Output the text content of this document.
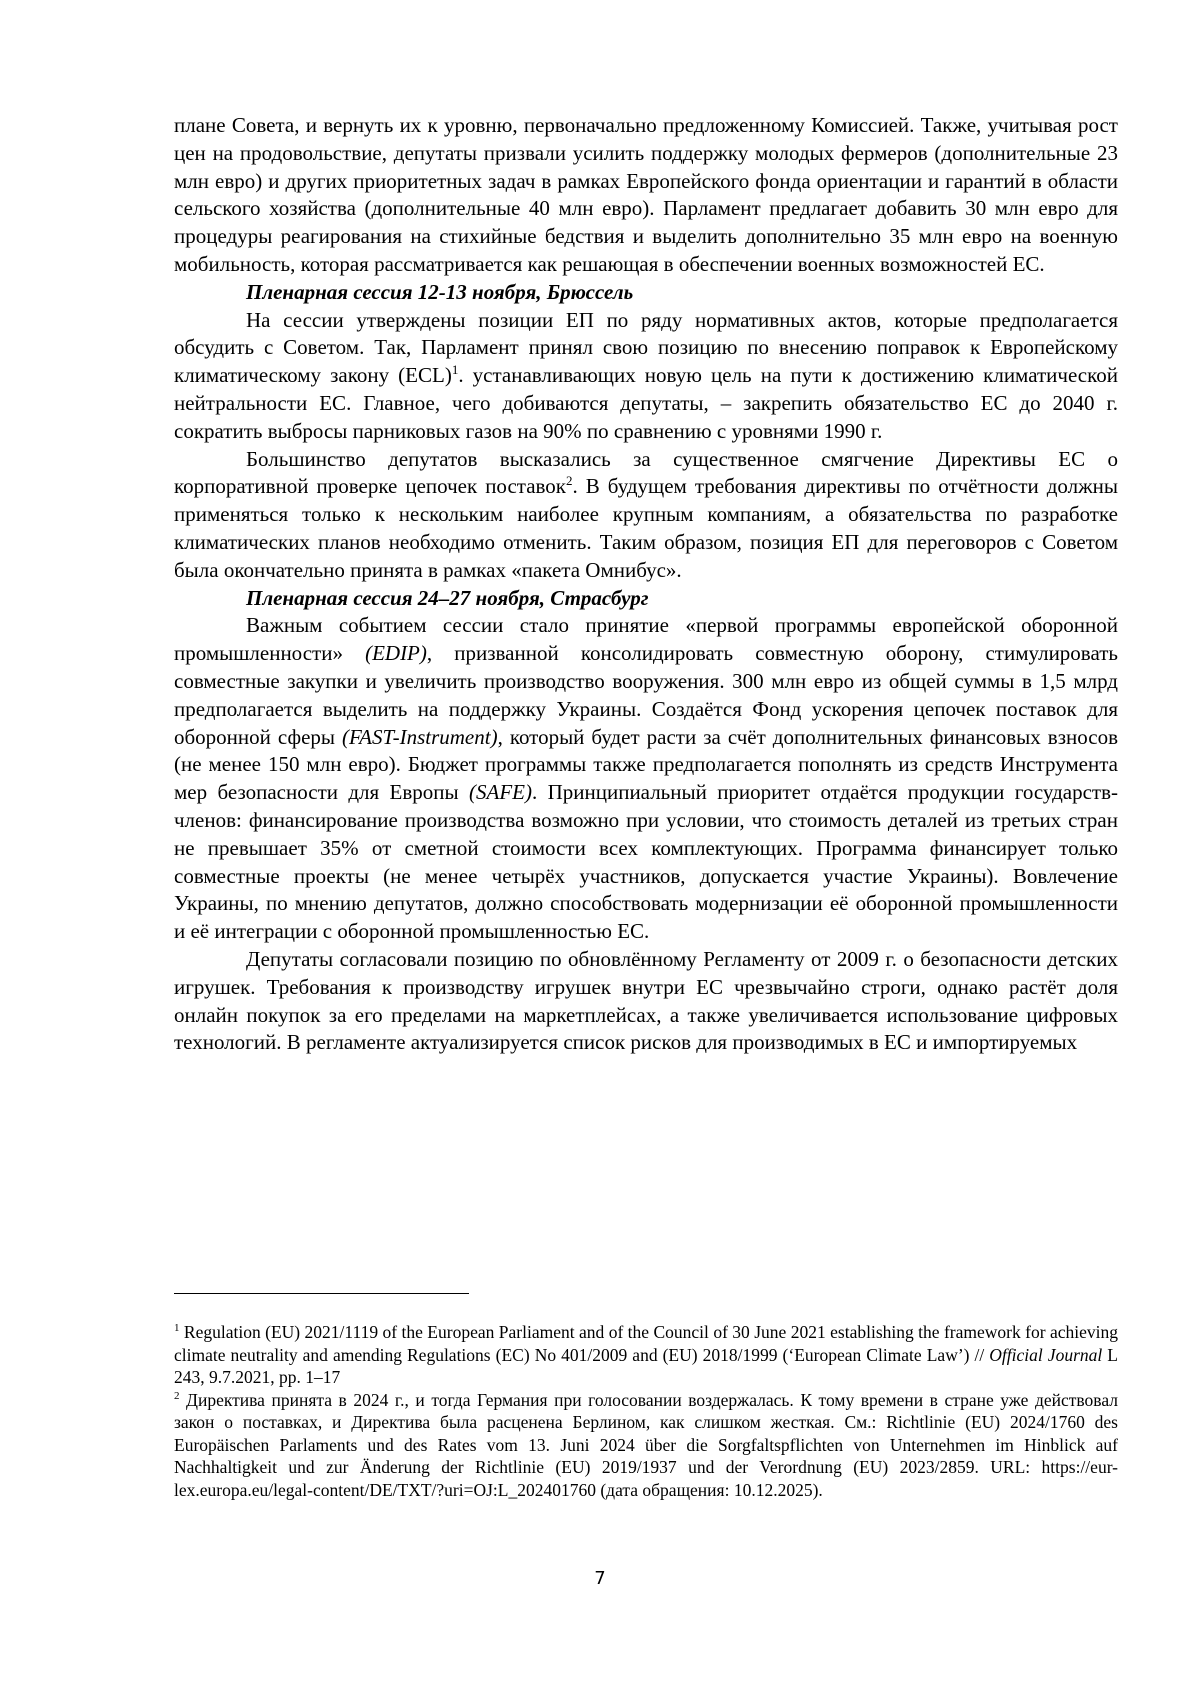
плане Совета, и вернуть их к уровню, первоначально предложенному Комиссией. Также, учитывая рост цен на продовольствие, депутаты призвали усилить поддержку молодых фермеров (дополнительные 23 млн евро) и других приоритетных задач в рамках Европейского фонда ориентации и гарантий в области сельского хозяйства (дополнительные 40 млн евро). Парламент предлагает добавить 30 млн евро для процедуры реагирования на стихийные бедствия и выделить дополнительно 35 млн евро на военную мобильность, которая рассматривается как решающая в обеспечении военных возможностей ЕС.

Пленарная сессия 12-13 ноября, Брюссель

На сессии утверждены позиции ЕП по ряду нормативных актов, которые предполагается обсудить с Советом. Так, Парламент принял свою позицию по внесению поправок к Европейскому климатическому закону (ECL)$^1$. устанавливающих новую цель на пути к достижению климатической нейтральности ЕС. Главное, чего добиваются депутаты, – закрепить обязательство ЕС до 2040 г. сократить выбросы парниковых газов на 90% по сравнению с уровнями 1990 г.

Большинство депутатов высказались за существенное смягчение Директивы ЕС о корпоративной проверке цепочек поставок$^2$. В будущем требования директивы по отчётности должны применяться только к нескольким наиболее крупным компаниям, а обязательства по разработке климатических планов необходимо отменить. Таким образом, позиция ЕП для переговоров с Советом была окончательно принята в рамках «пакета Омнибус».

Пленарная сессия 24–27 ноября, Страсбург

Важным событием сессии стало принятие «первой программы европейской оборонной промышленности» (EDIP), призванной консолидировать совместную оборону, стимулировать совместные закупки и увеличить производство вооружения. 300 млн евро из общей суммы в 1,5 млрд предполагается выделить на поддержку Украины. Создаётся Фонд ускорения цепочек поставок для оборонной сферы (FAST-Instrument), который будет расти за счёт дополнительных финансовых взносов (не менее 150 млн евро). Бюджет программы также предполагается пополнять из средств Инструмента мер безопасности для Европы (SAFE). Принципиальный приоритет отдаётся продукции государств-членов: финансирование производства возможно при условии, что стоимость деталей из третьих стран не превышает 35% от сметной стоимости всех комплектующих. Программа финансирует только совместные проекты (не менее четырёх участников, допускается участие Украины). Вовлечение Украины, по мнению депутатов, должно способствовать модернизации её оборонной промышленности и её интеграции с оборонной промышленностью ЕС.

Депутаты согласовали позицию по обновлённому Регламенту от 2009 г. о безопасности детских игрушек. Требования к производству игрушек внутри ЕС чрезвычайно строги, однако растёт доля онлайн покупок за его пределами на маркетплейсах, а также увеличивается использование цифровых технологий. В регламенте актуализируется список рисков для производимых в ЕС и импортируемых

$^1$ Regulation (EU) 2021/1119 of the European Parliament and of the Council of 30 June 2021 establishing the framework for achieving climate neutrality and amending Regulations (EC) No 401/2009 and (EU) 2018/1999 (‘European Climate Law’) // Official Journal L 243, 9.7.2021, pp. 1–17

$^2$ Директива принята в 2024 г., и тогда Германия при голосовании воздержалась. К тому времени в стране уже действовал закон о поставках, и Директива была расценена Берлином, как слишком жесткая. См.: Richtlinie (EU) 2024/1760 des Europäischen Parlaments und des Rates vom 13. Juni 2024 über die Sorgfaltspflichten von Unternehmen im Hinblick auf Nachhaltigkeit und zur Änderung der Richtlinie (EU) 2019/1937 und der Verordnung (EU) 2023/2859. URL: https://eur-lex.europa.eu/legal-content/DE/TXT/?uri=OJ:L_202401760 (дата обращения: 10.12.2025).

7
